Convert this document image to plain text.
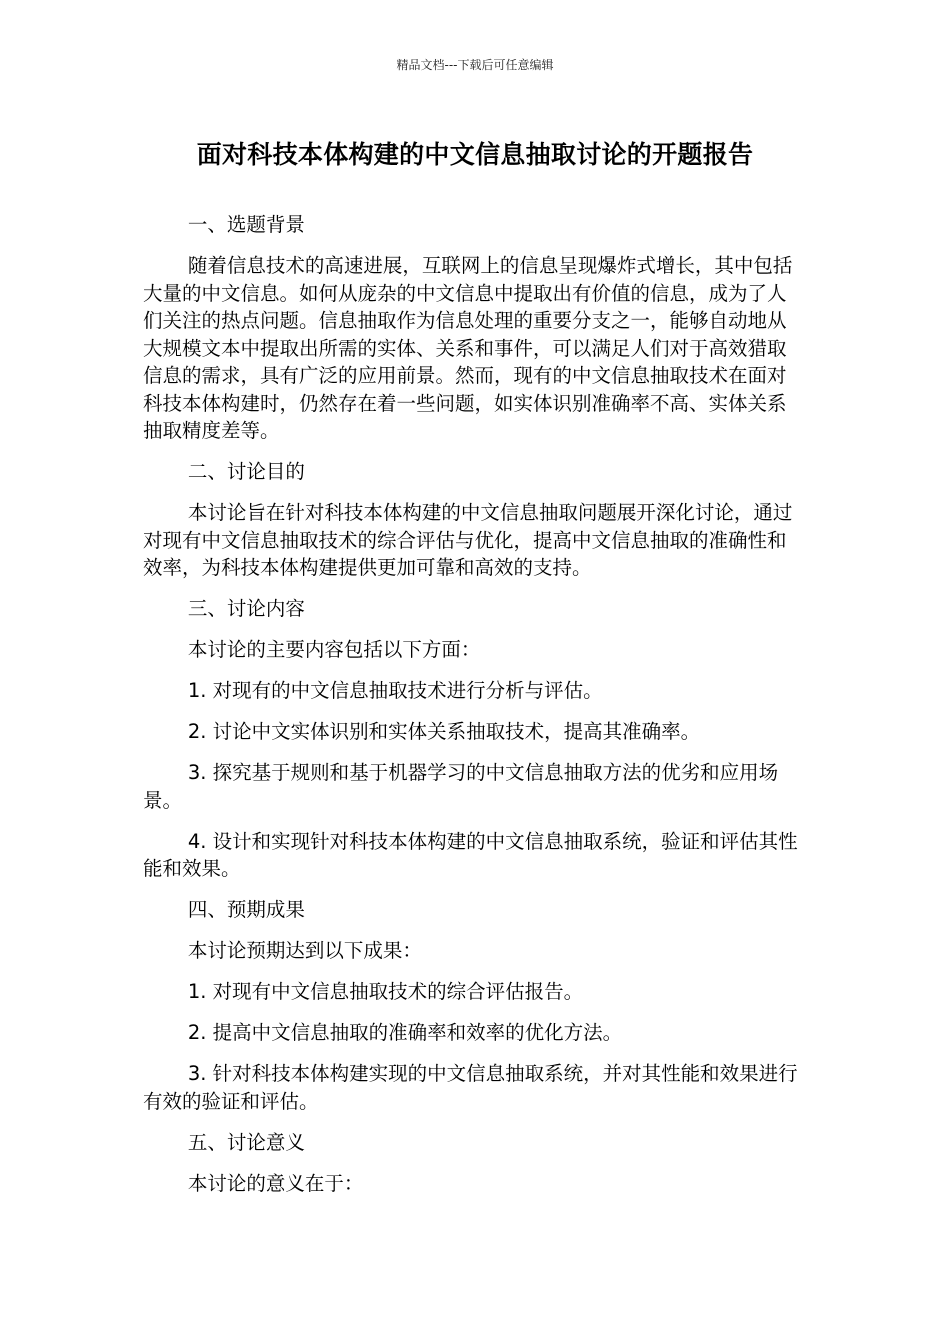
精品文档---下载后可任意编辑
面对科技本体构建的中文信息抽取讨论的开题报告

一、选题背景

随着信息技术的高速进展，互联网上的信息呈现爆炸式增长，其中包括大量的中文信息。如何从庞杂的中文信息中提取出有价值的信息，成为了人们关注的热点问题。信息抽取作为信息处理的重要分支之一，能够自动地从大规模文本中提取出所需的实体、关系和事件，可以满足人们对于高效猎取信息的需求，具有广泛的应用前景。然而，现有的中文信息抽取技术在面对科技本体构建时，仍然存在着一些问题，如实体识别准确率不高、实体关系抽取精度差等。

二、讨论目的

本讨论旨在针对科技本体构建的中文信息抽取问题展开深化讨论，通过对现有中文信息抽取技术的综合评估与优化，提高中文信息抽取的准确性和效率，为科技本体构建提供更加可靠和高效的支持。

三、讨论内容

本讨论的主要内容包括以下方面：

1. 对现有的中文信息抽取技术进行分析与评估。

2. 讨论中文实体识别和实体关系抽取技术，提高其准确率。

3. 探究基于规则和基于机器学习的中文信息抽取方法的优劣和应用场景。

4. 设计和实现针对科技本体构建的中文信息抽取系统，验证和评估其性能和效果。

四、预期成果

本讨论预期达到以下成果：

1. 对现有中文信息抽取技术的综合评估报告。

2. 提高中文信息抽取的准确率和效率的优化方法。

3. 针对科技本体构建实现的中文信息抽取系统，并对其性能和效果进行有效的验证和评估。

五、讨论意义

本讨论的意义在于：
